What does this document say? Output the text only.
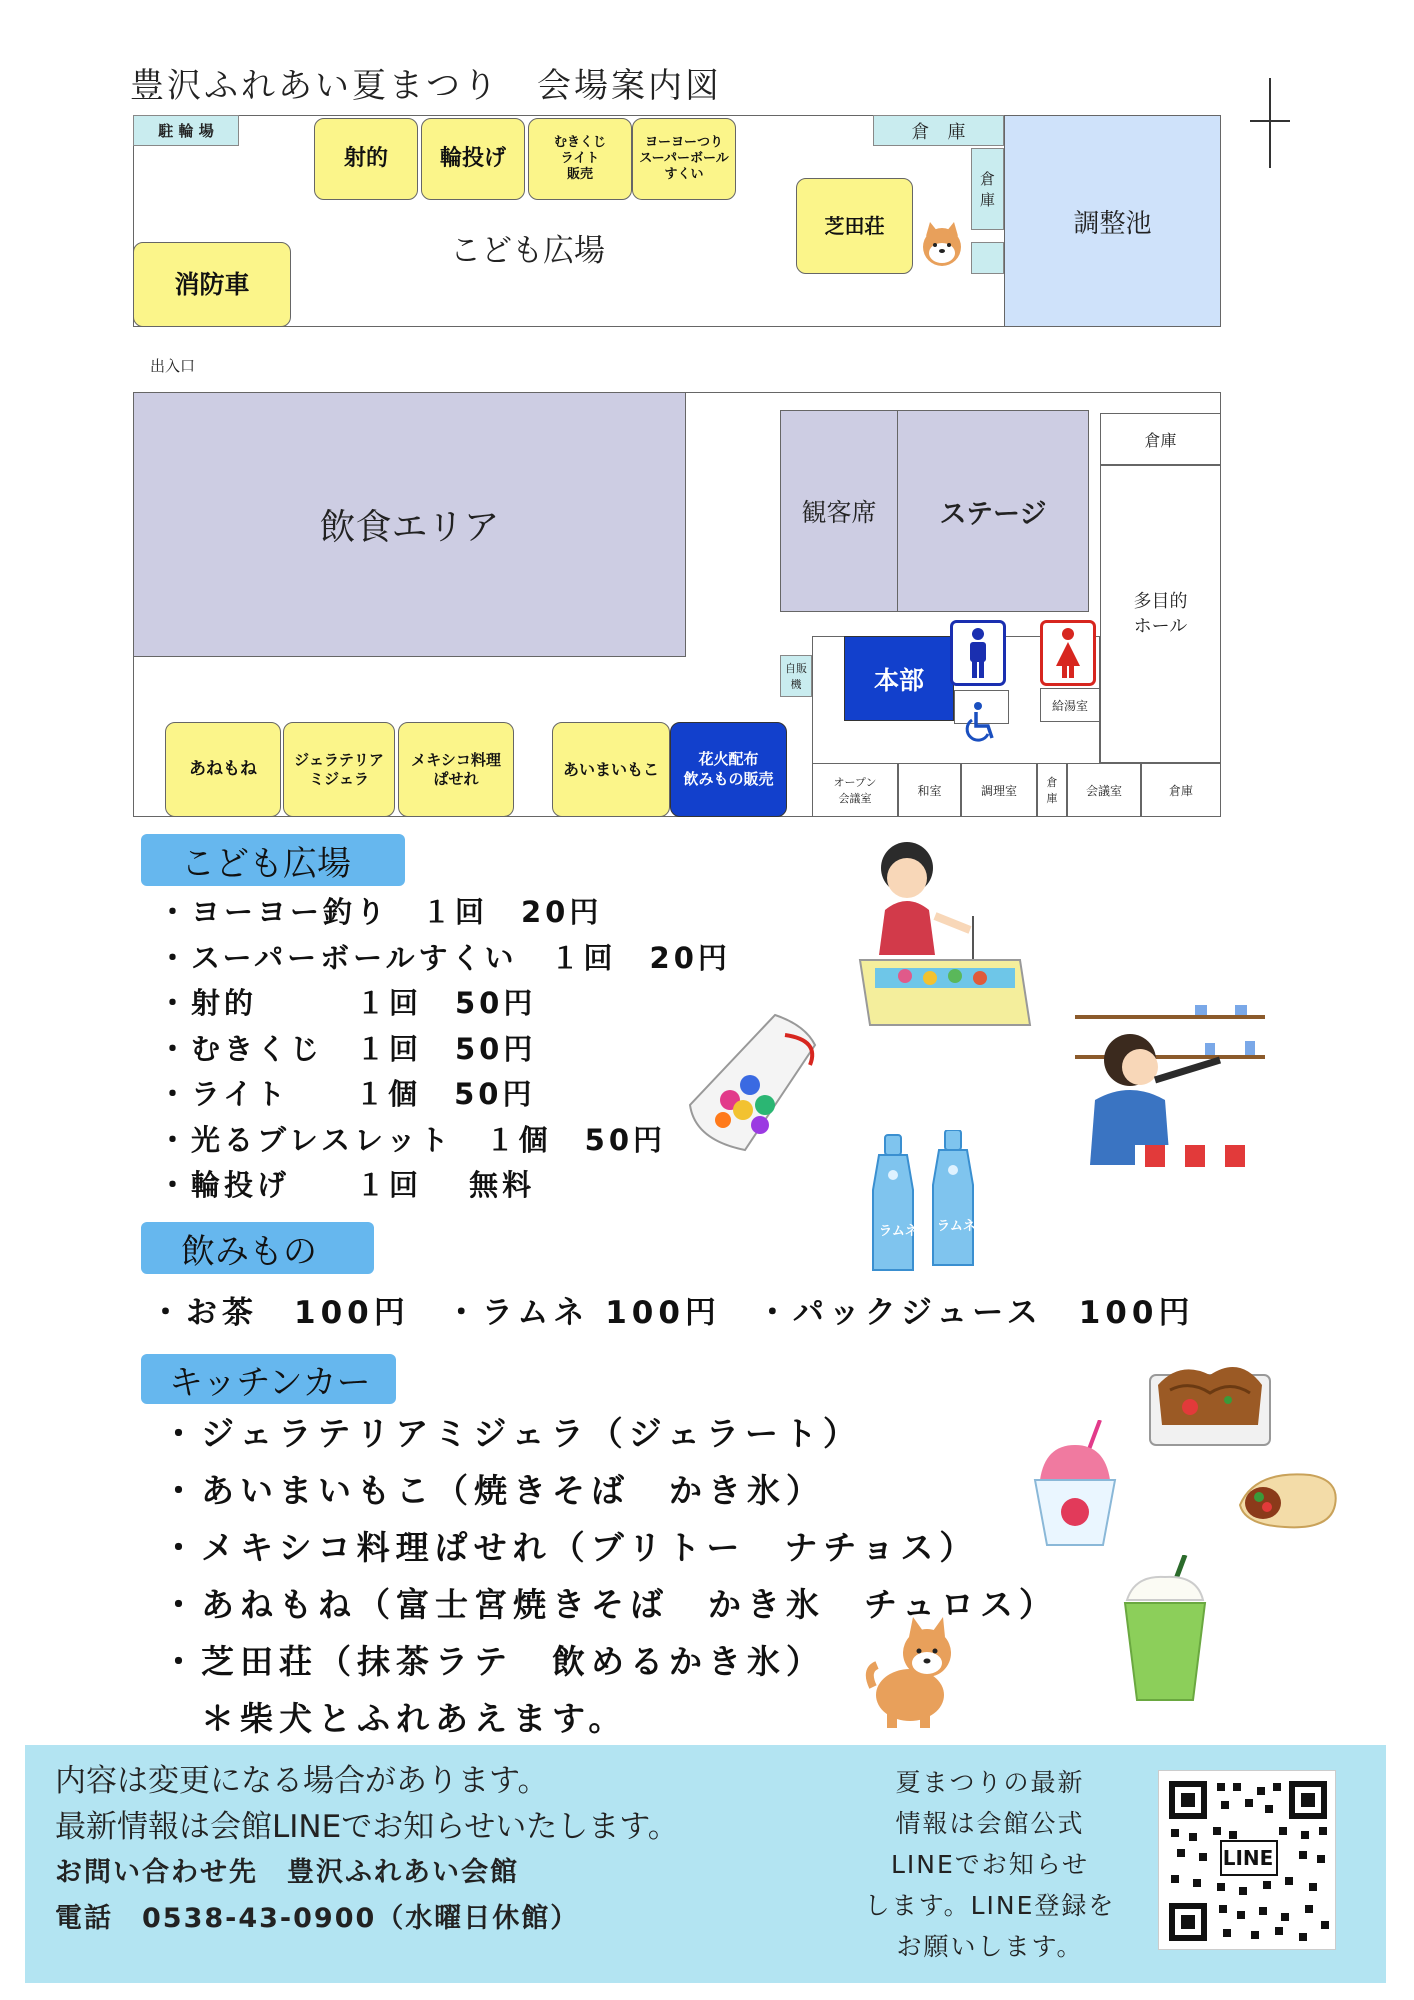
豊沢ふれあい夏まつり　会場案内図
駐 輪 場
射的	輪投げ
むきくじ
ライト
販売
ヨーヨーつり
スーパーボール
すくい
消防車
こども広場
芝田荘
倉　庫
倉
庫
調整池
出入口
飲食エリア	観客席	ステージ
倉庫
多目的
ホール
自販
機	本部
給湯室
オープン
会議室
和室	調理室
倉
庫
会議室	倉庫
あねもね	ジェラテリア
ミジェラ
メキシコ料理
ぱせれ	あいまいもこ
花火配布
飲みもの販売
こども広場
・ヨーヨー釣り　１回　20円
・スーパーボールすくい　１回　20円
・射的　　　１回　50円
・むきくじ　１回　50円
・ライト　　１個　50円
・光るブレスレット　１個　50円
・輪投げ　　１回　 無料
飲みもの
・お茶　100円　・ラムネ 100円　・パックジュース　100円
ラムネ ラムネ
キッチンカー
・ジェラテリアミジェラ（ジェラート）
・あいまいもこ（焼きそば　かき氷）
・メキシコ料理ぱせれ（ブリトー　ナチョス）
・あねもね（富士宮焼きそば　かき氷　チュロス）
・芝田荘（抹茶ラテ　飲めるかき氷）
　＊柴犬とふれあえます。
内容は変更になる場合があります。
最新情報は会館LINEでお知らせいたします。
お問い合わせ先　豊沢ふれあい会館
電話　0538-43-0900（水曜日休館）
夏まつりの最新
情報は会館公式
LINEでお知らせ
します。LINE登録を
お願いします。
LINE
